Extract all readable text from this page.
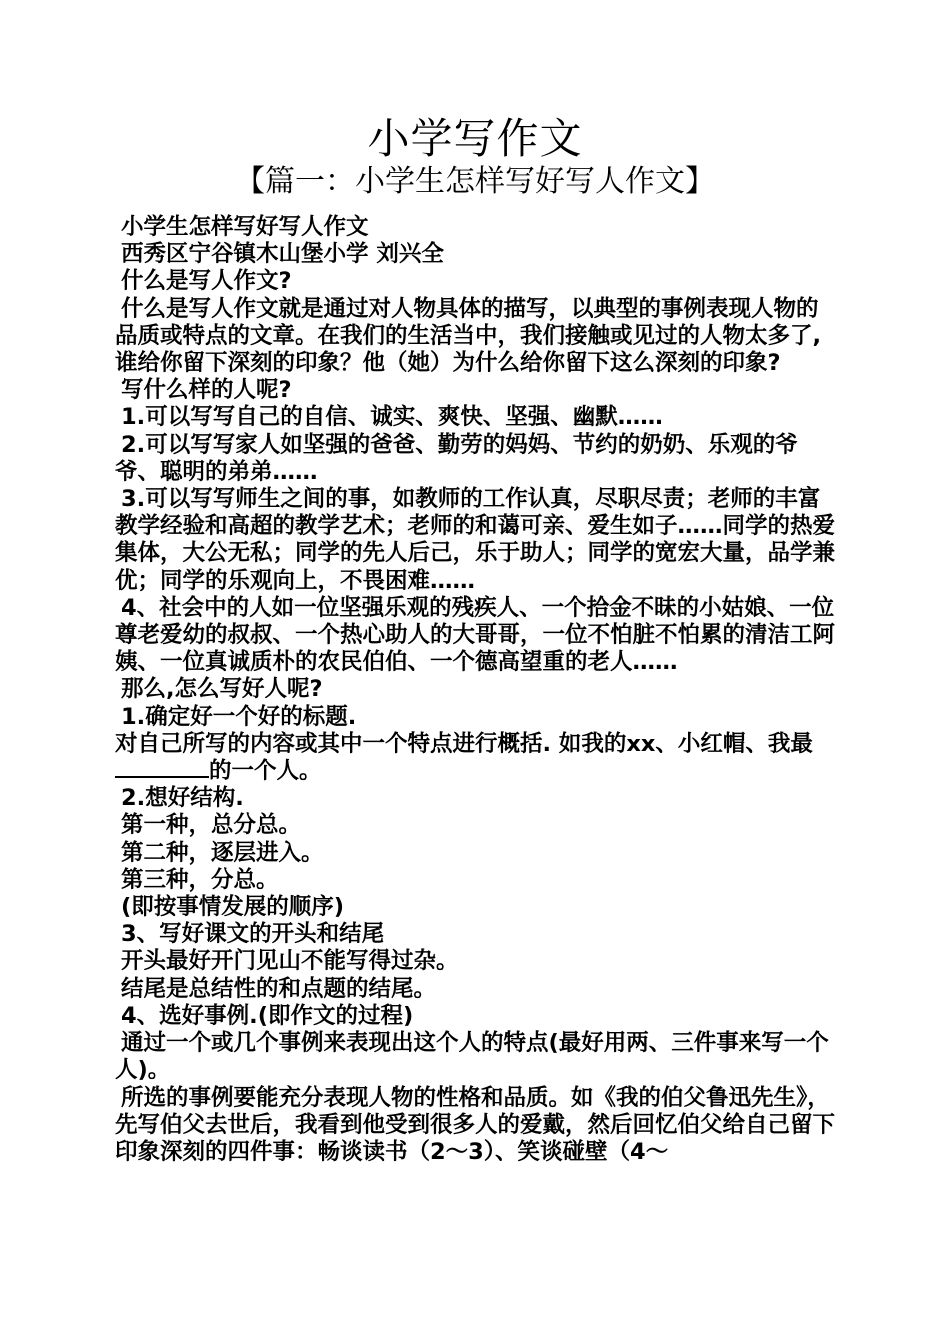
小学写作文
【篇一：小学生怎样写好写人作文】

小学生怎样写好写人作文

西秀区宁谷镇木山堡小学 刘兴全

什么是写人作文?

什么是写人作文就是通过对人物具体的描写，以典型的事例表现人物的品质或特点的文章。在我们的生活当中，我们接触或见过的人物太多了,谁给你留下深刻的印象？他（她）为什么给你留下这么深刻的印象?

写什么样的人呢?

1.可以写写自己的自信、诚实、爽快、坚强、幽默……

2.可以写写家人如坚强的爸爸、勤劳的妈妈、节约的奶奶、乐观的爷爷、聪明的弟弟……

3.可以写写师生之间的事，如教师的工作认真，尽职尽责；老师的丰富教学经验和高超的教学艺术；老师的和蔼可亲、爱生如子……同学的热爱集体，大公无私；同学的先人后己，乐于助人；同学的宽宏大量，品学兼优；同学的乐观向上，不畏困难……

4、社会中的人如一位坚强乐观的残疾人、一个拾金不昧的小姑娘、一位尊老爱幼的叔叔、一个热心助人的大哥哥，一位不怕脏不怕累的清洁工阿姨、一位真诚质朴的农民伯伯、一个德高望重的老人……

那么,怎么写好人呢?

1.确定好一个好的标题.

对自己所写的内容或其中一个特点进行概括. 如我的xx、小红帽、我最的一个人。

2.想好结构.

第一种，总分总。

第二种，逐层进入。

第三种，分总。

(即按事情发展的顺序)

3、写好课文的开头和结尾

开头最好开门见山不能写得过杂。

结尾是总结性的和点题的结尾。

4、选好事例.(即作文的过程)

通过一个或几个事例来表现出这个人的特点(最好用两、三件事来写一个人)。

所选的事例要能充分表现人物的性格和品质。如《我的伯父鲁迅先生》，先写伯父去世后，我看到他受到很多人的爱戴，然后回忆伯父给自己留下印象深刻的四件事：畅谈读书（2～3）、笑谈碰壁（4～
